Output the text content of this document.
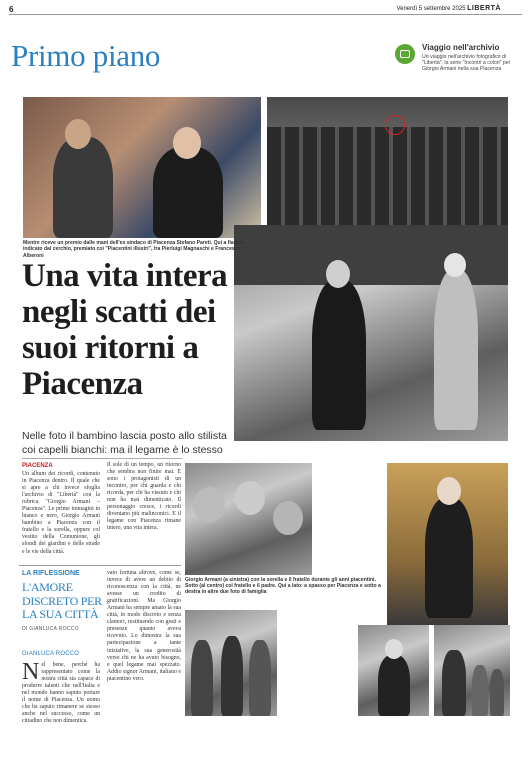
6	Venerdì 5 settembre 2025 LIBERTÀ
Primo piano	Viaggio nell'archivio
Un viaggio nell'archivio fotografico di "Libertà", la serie "Incontri a colori" per Giorgio Armani nella sua Piacenza
Mentre riceve un premio dalle mani dell'ex sindaco di Piacenza Stefano Pareti. Qui a fianco, indicato dal cerchio, premiato coi "Piacentini illustri", tra Pierluigi Magnaschi e Francesco Alberoni
Una vita intera negli scatti dei suoi ritorni a Piacenza
Nelle foto il bambino lascia posto allo stilista coi capelli bianchi: ma il legame è lo stesso
PIACENZA
Un album dei ricordi, contenuto in Piacenza dentro. Il quale che si apre a chi invece sfoglia l'archivio di "Libertà" con la rubrica "Giorgio Armani – Piacenza". Le prime immagini in bianco e nero, Giorgio Armani bambino a Piacenza con il fratello e la sorella, oppure col vestito della Comunione, gli sfondi dei giardini e delle strade e le vie della città.
Il sole di un tempo, un ritorno che sembra non finire mai. E sono i protagonisti di un incontro, per chi guarda e chi ricorda, per chi ha vissuto e chi non ha mai dimenticato. Il personaggio cresce, i ricordi diventano più malinconici. E il legame con Piacenza rimane intero, una vita intera.
LA RIFLESSIONE
L'AMORE DISCRETO PER LA SUA CITTÀ
DI GIANLUCA ROCCO
GIANLUCA ROCCO
Nel bene, perché ha rappresentato come la nostra città sia capace di produrre talenti che nell'Italia e nel mondo hanno saputo portare il nome di Piacenza. Un uomo che ha saputo rimanere se stesso anche nel successo, come un cittadino che non dimentica.
vato fortuna altrove, come se, invece di avere un debito di riconoscenza con la città, ne avesse un credito di gratificazioni. Ma Giorgio Armani ha sempre amato la sua città, in modo discreto e senza clamori, restituendo con gesti e presenze quanto aveva ricevuto. Lo dimostra la sua partecipazione a tante iniziative, la sua generosità verso chi ne ha avuto bisogno, e quel legame mai spezzato. Addio signor Armani, italiano e piacentino vero.
Giorgio Armani (a sinistra) con la sorella e il fratello durante gli anni piacentini. Sotto (al centro) col fratello e il padre. Qui a lato: a spasso per Piacenza e sotto a destra in altre due foto di famiglia
